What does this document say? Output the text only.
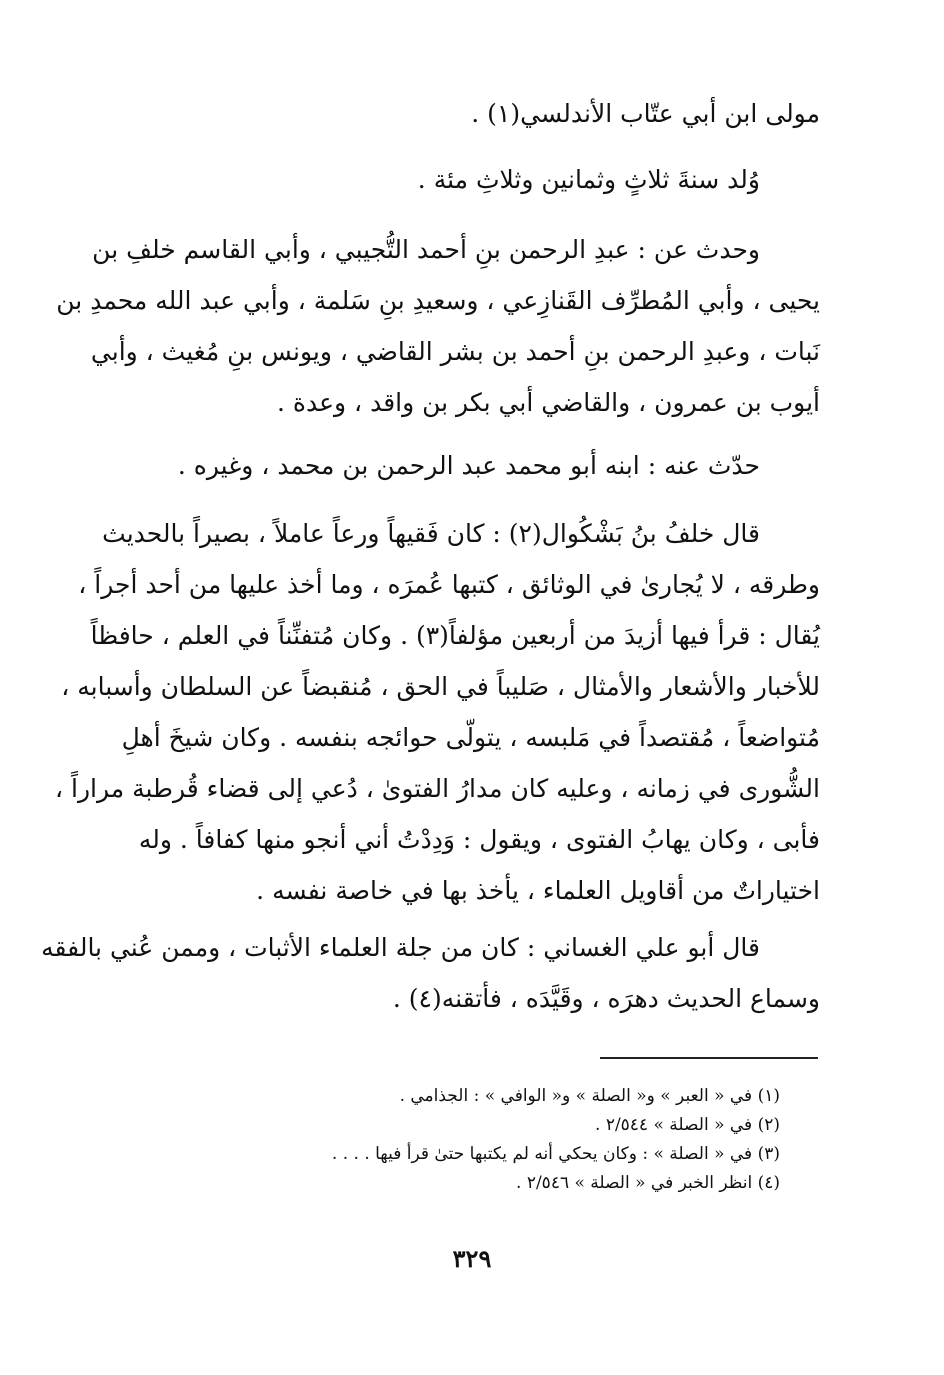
مولى ابن أبي عتّاب الأندلسي(١) .
وُلد سنةَ ثلاثٍ وثمانين وثلاثِ مئة .
وحدث عن : عبدِ الرحمن بنِ أحمد التُّجيبي ، وأبي القاسم خلفِ بن
يحيى ، وأبي المُطرِّف القَنازِعي ، وسعيدِ بنِ سَلمة ، وأبي عبد الله محمدِ بن
نَبات ، وعبدِ الرحمن بنِ أحمد بن بشر القاضي ، ويونس بنِ مُغيث ، وأبي
أيوب بن عمرون ، والقاضي أبي بكر بن واقد ، وعدة .
حدّث عنه : ابنه أبو محمد عبد الرحمن بن محمد ، وغيره .
قال خلفُ بنُ بَشْكُوال(٢) : كان فَقيهاً ورعاً عاملاً ، بصيراً بالحديث
وطرقه ، لا يُجارىٰ في الوثائق ، كتبها عُمرَه ، وما أخذ عليها من أحد أجراً ،
يُقال : قرأ فيها أزيدَ من أربعين مؤلفاً(٣) . وكان مُتفنِّناً في العلم ، حافظاً
للأخبار والأشعار والأمثال ، صَليباً في الحق ، مُنقبضاً عن السلطان وأسبابه ،
مُتواضعاً ، مُقتصداً في مَلبسه ، يتولّى حوائجه بنفسه . وكان شيخَ أهلِ
الشُّورى في زمانه ، وعليه كان مدارُ الفتوىٰ ، دُعي إلى قضاء قُرطبة مراراً ،
فأبى ، وكان يهابُ الفتوى ، ويقول : وَدِدْتُ أني أنجو منها كفافاً . وله
اختياراتٌ من أقاويل العلماء ، يأخذ بها في خاصة نفسه .
قال أبو علي الغساني : كان من جلة العلماء الأثبات ، وممن عُني بالفقه
وسماع الحديث دهرَه ، وقَيَّدَه ، فأتقنه(٤) .
(١) في « العبر » و« الصلة » و« الوافي » : الجذامي .
(٢) في « الصلة » ٢/٥٤٤ .
(٣) في « الصلة » : وكان يحكي أنه لم يكتبها حتىٰ قرأ فيها . . . .
(٤) انظر الخبر في « الصلة » ٢/٥٤٦ .
٣٢٩
